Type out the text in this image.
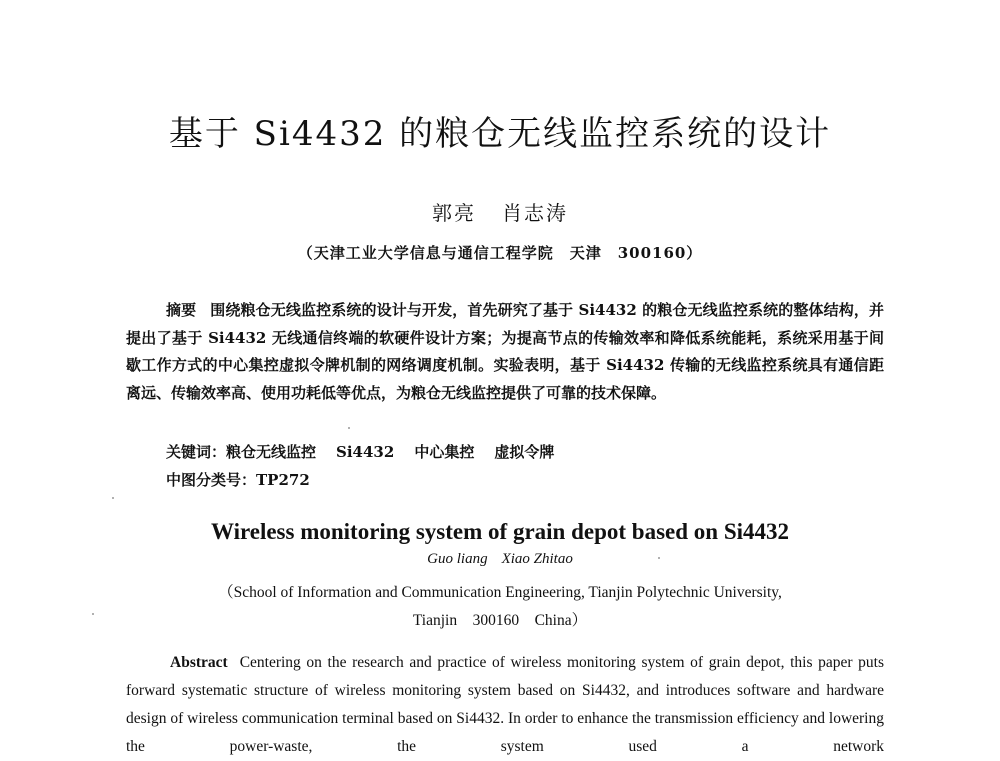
基于 Si4432 的粮仓无线监控系统的设计
郭亮 肖志涛
（天津工业大学信息与通信工程学院　天津　300160）

摘要 围绕粮仓无线监控系统的设计与开发，首先研究了基于 Si4432 的粮仓无线监控系统的整体结构，并提出了基于 Si4432 无线通信终端的软硬件设计方案；为提高节点的传输效率和降低系统能耗，系统采用基于间歇工作方式的中心集控虚拟令牌机制的网络调度机制。实验表明，基于 Si4432 传输的无线监控系统具有通信距离远、传输效率高、使用功耗低等优点，为粮仓无线监控提供了可靠的技术保障。

关键词：粮仓无线监控 Si4432 中心集控 虚拟令牌
中图分类号：TP272
Wireless monitoring system of grain depot based on Si4432
Guo liang Xiao Zhitao
（School of Information and Communication Engineering, Tianjin Polytechnic University,
Tianjin　300160　China）

Abstract Centering on the research and practice of wireless monitoring system of grain depot, this paper puts forward systematic structure of wireless monitoring system based on Si4432, and introduces software and hardware design of wireless communication terminal based on Si4432. In order to enhance the transmission efficiency and lowering the power-waste, the system used a network
